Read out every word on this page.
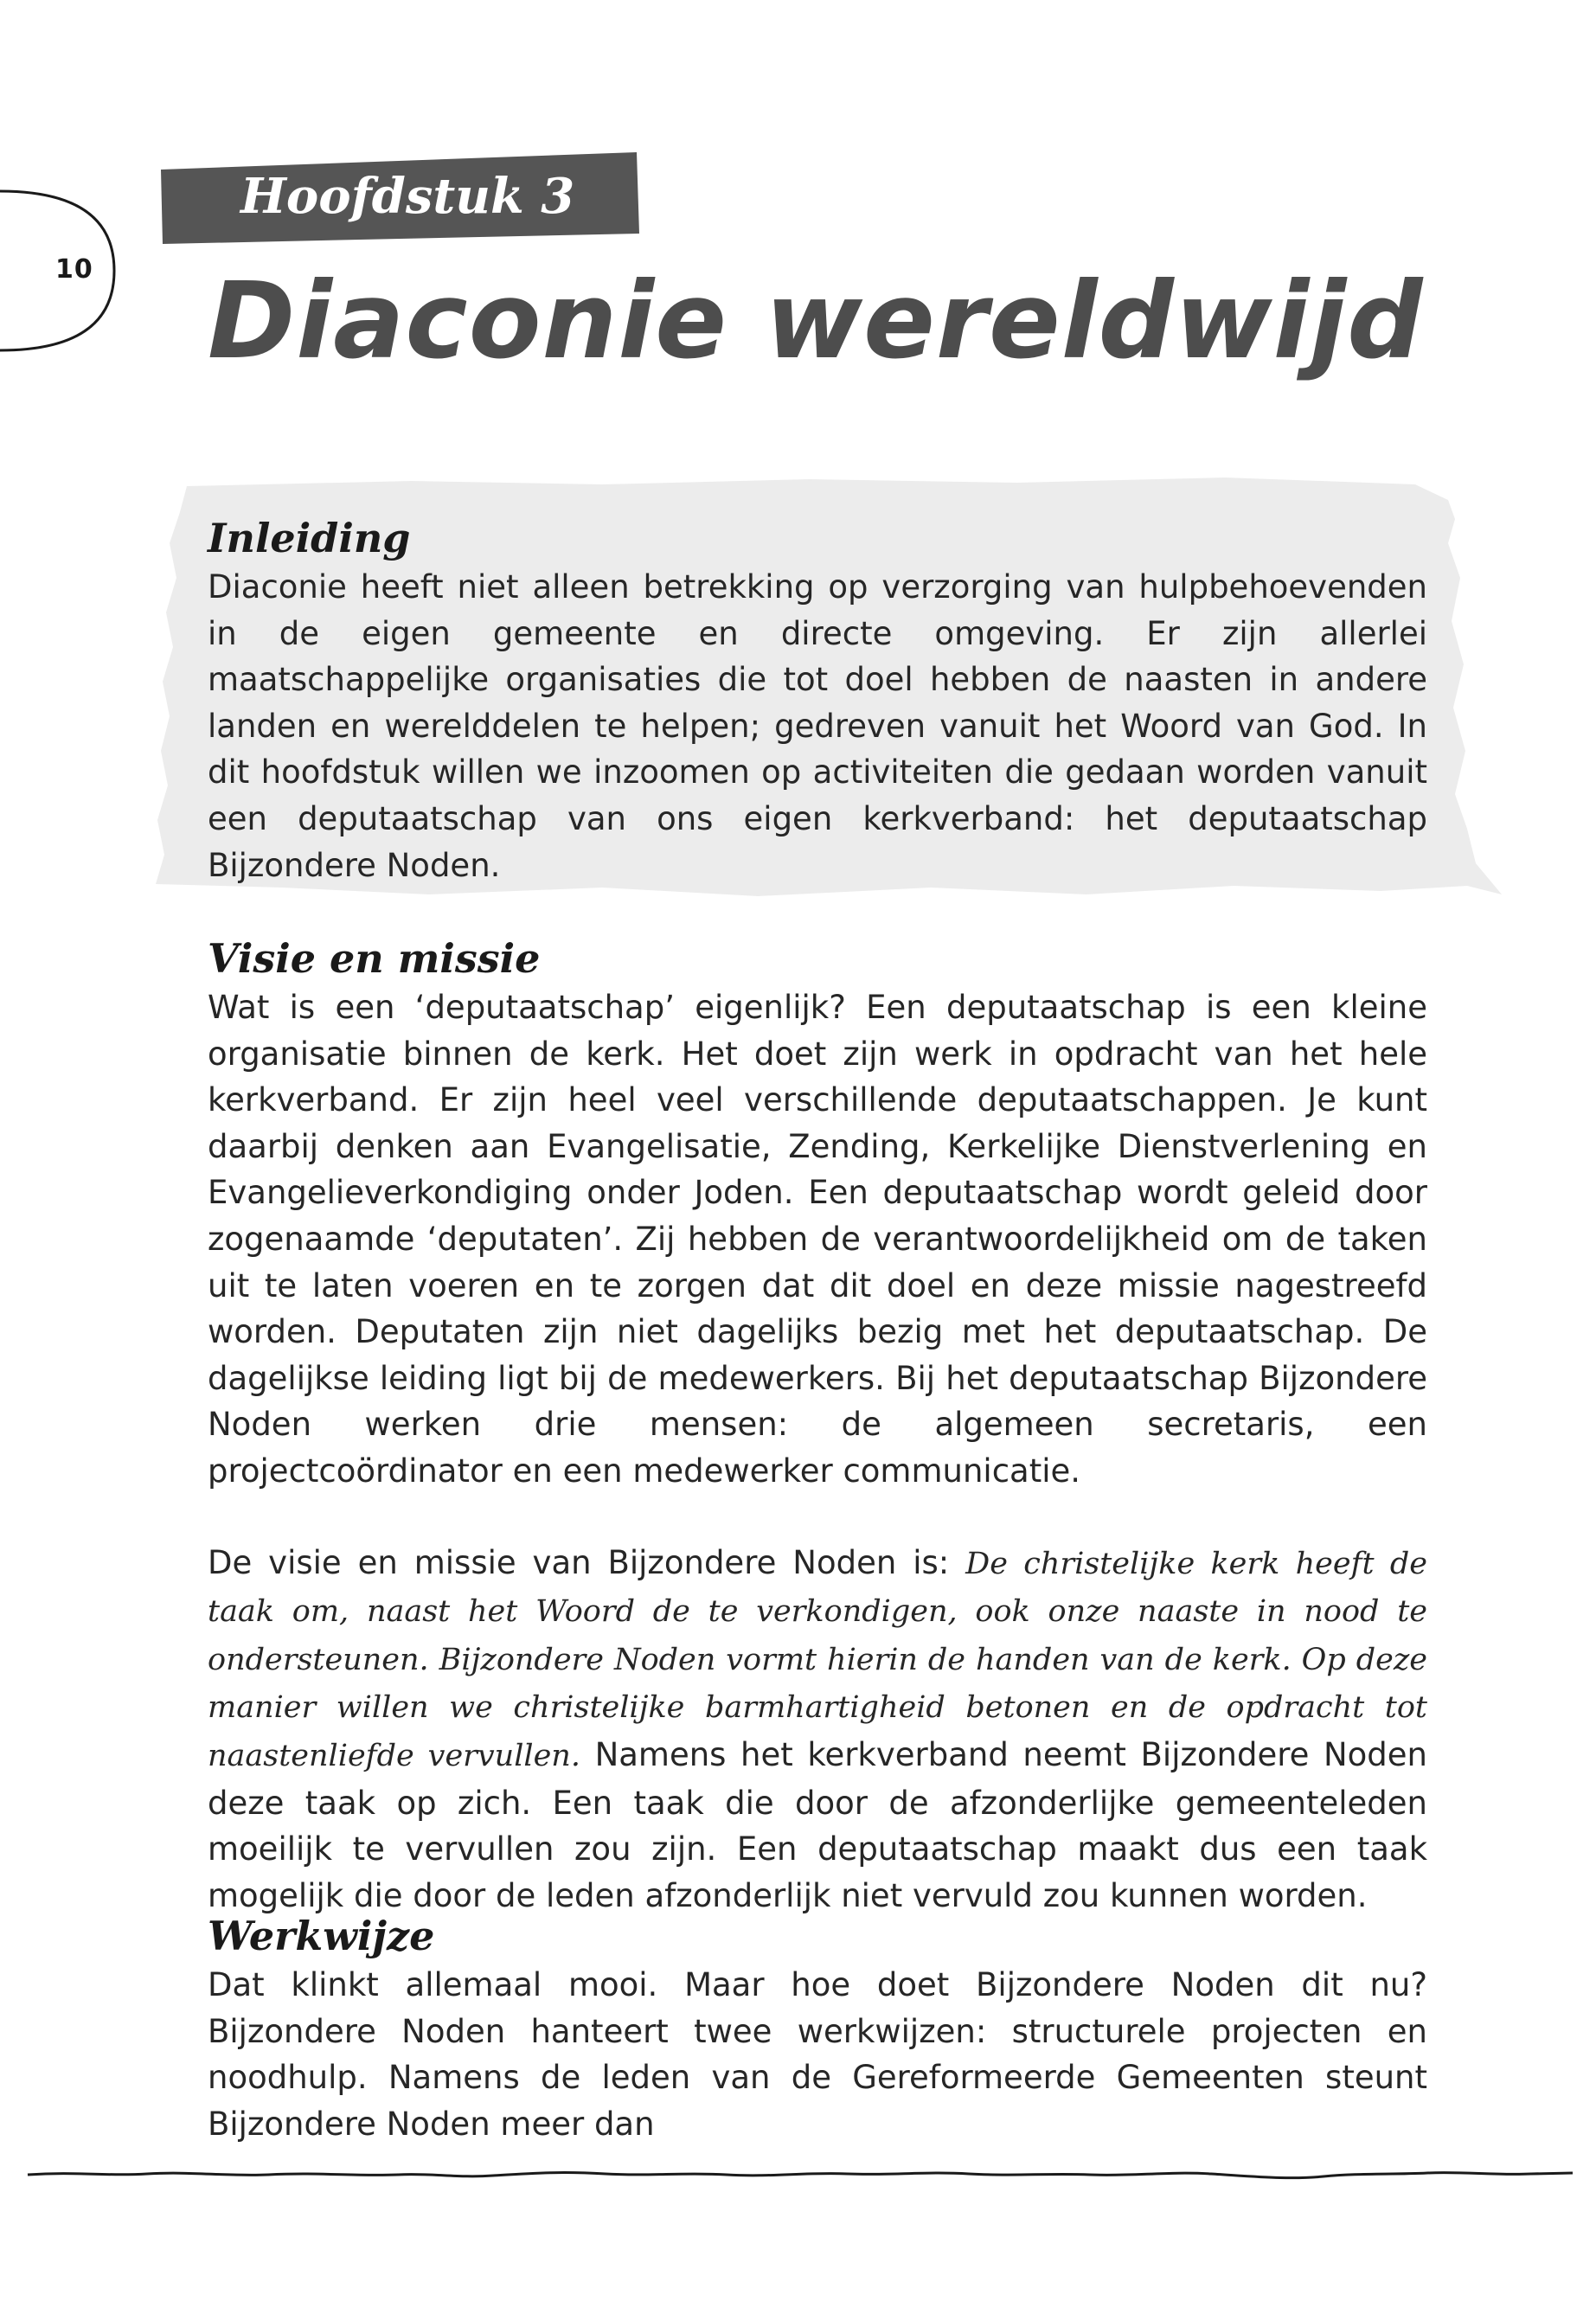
10
Hoofdstuk 3
Diaconie wereldwijd
Inleiding

Diaconie heeft niet alleen betrekking op verzorging van hulpbehoevenden in de eigen gemeente en directe omgeving. Er zijn allerlei maatschappelijke organisaties die tot doel hebben de naasten in andere landen en werelddelen te helpen; gedreven vanuit het Woord van God. In dit hoofdstuk willen we inzoomen op activiteiten die gedaan worden vanuit een deputaatschap van ons eigen kerkverband: het deputaatschap Bijzondere Noden.

Visie en missie

Wat is een ‘deputaatschap’ eigenlijk? Een deputaatschap is een kleine organisatie binnen de kerk. Het doet zijn werk in opdracht van het hele kerkverband. Er zijn heel veel verschillende deputaatschappen. Je kunt daarbij denken aan Evangelisatie, Zending, Kerkelijke Dienstverlening en Evangelieverkondiging onder Joden. Een deputaatschap wordt geleid door zogenaamde ‘deputaten’. Zij hebben de verantwoordelijkheid om de taken uit te laten voeren en te zorgen dat dit doel en deze missie nagestreefd worden. Deputaten zijn niet dagelijks bezig met het deputaatschap. De dagelijkse leiding ligt bij de medewerkers. Bij het deputaatschap Bijzondere Noden werken drie mensen: de algemeen secretaris, een projectcoördinator en een medewerker communicatie.

De visie en missie van Bijzondere Noden is: De christelijke kerk heeft de taak om, naast het Woord de te verkondigen, ook onze naaste in nood te ondersteunen. Bijzondere Noden vormt hierin de handen van de kerk. Op deze manier willen we christelijke barmhartigheid betonen en de opdracht tot naastenliefde vervullen. Namens het kerkverband neemt Bijzondere Noden deze taak op zich. Een taak die door de afzonderlijke gemeenteleden moeilijk te vervullen zou zijn. Een deputaatschap maakt dus een taak mogelijk die door de leden afzonderlijk niet vervuld zou kunnen worden.

Werkwijze

Dat klinkt allemaal mooi. Maar hoe doet Bijzondere Noden dit nu? Bijzondere Noden hanteert twee werkwijzen: structurele projecten en noodhulp. Namens de leden van de Gereformeerde Gemeenten steunt Bijzondere Noden meer dan
